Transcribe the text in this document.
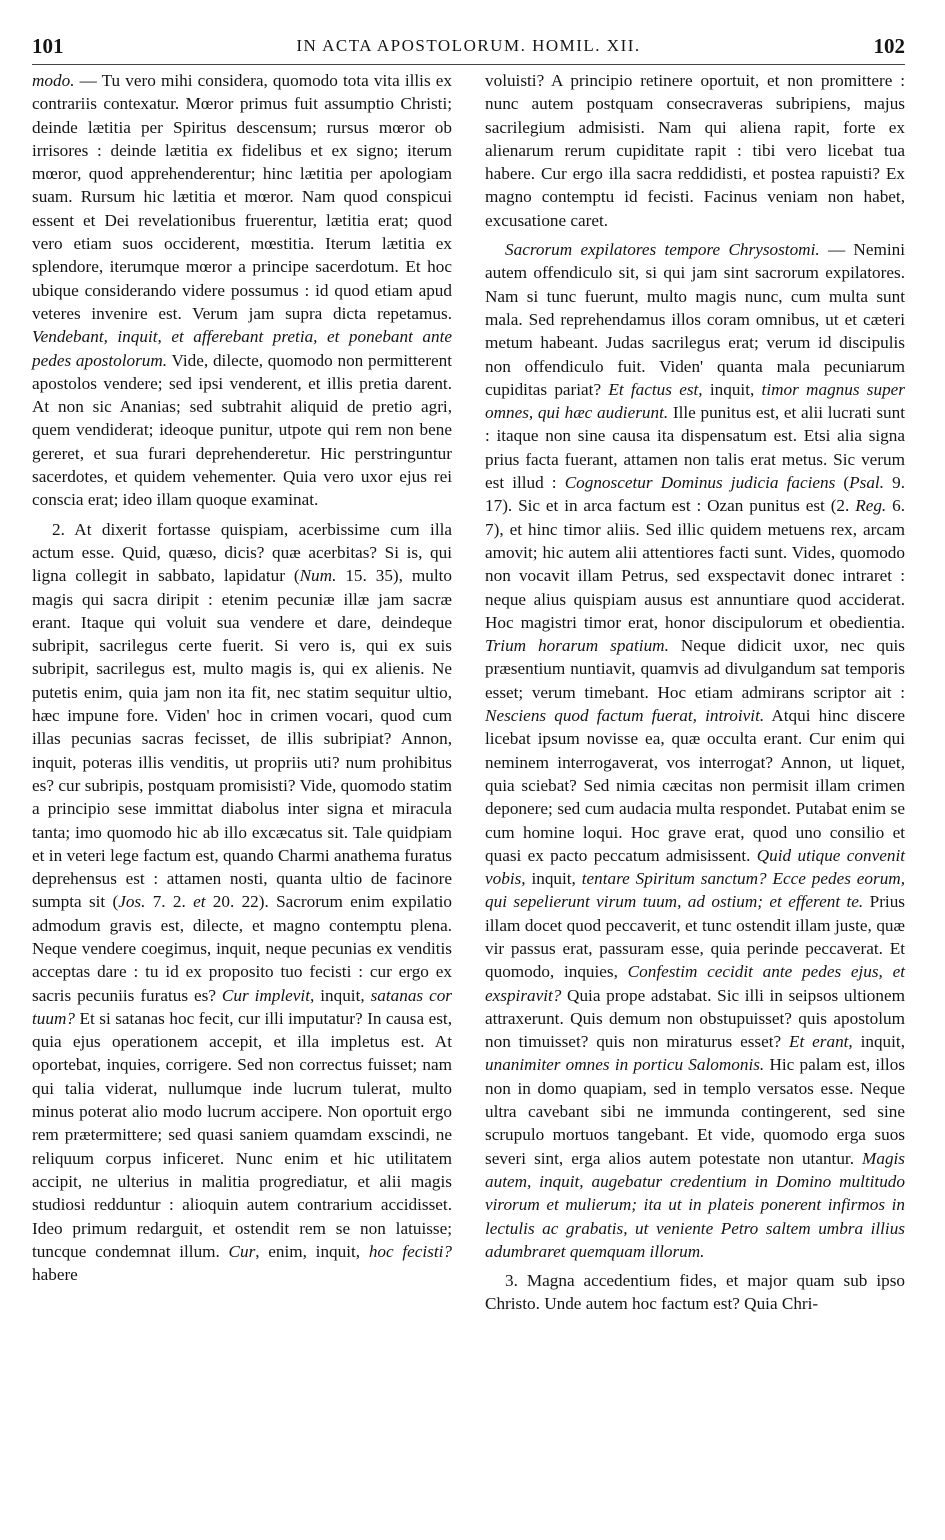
101	IN ACTA APOSTOLORUM. HOMIL. XII.	102

modo. — Tu vero mihi considera, quomodo tota vita illis ex contrariis contexatur. Mœror primus fuit assumptio Christi; deinde lætitia per Spiritus descensum; rursus mœror ob irrisores : deinde lætitia ex fidelibus et ex signo; iterum mœror, quod apprehenderentur; hinc lætitia per apologiam suam. Rursum hic lætitia et mœror. Nam quod conspicui essent et Dei revelationibus fruerentur, lætitia erat; quod vero etiam suos occiderent, mœstitia. Iterum lætitia ex splendore, iterumque mœror a principe sacerdotum. Et hoc ubique considerando videre possumus : id quod etiam apud veteres invenire est. Verum jam supra dicta repetamus. Vendebant, inquit, et afferebant pretia, et ponebant ante pedes apostolorum. Vide, dilecte, quomodo non permitterent apostolos vendere; sed ipsi venderent, et illis pretia darent. At non sic Ananias; sed subtrahit aliquid de pretio agri, quem vendiderat; ideoque punitur, utpote qui rem non bene gereret, et sua furari deprehenderetur. Hic perstringuntur sacerdotes, et quidem vehementer. Quia vero uxor ejus rei conscia erat; ideo illam quoque examinat.

2. At dixerit fortasse quispiam, acerbissime cum illa actum esse. Quid, quæso, dicis? quæ acerbitas? Si is, qui ligna collegit in sabbato, lapidatur (Num. 15. 35), multo magis qui sacra diripit : etenim pecuniæ illæ jam sacræ erant. Itaque qui voluit sua vendere et dare, deindeque subripit, sacrilegus certe fuerit. Si vero is, qui ex suis subripit, sacrilegus est, multo magis is, qui ex alienis. Ne putetis enim, quia jam non ita fit, nec statim sequitur ultio, hæc impune fore. Viden' hoc in crimen vocari, quod cum illas pecunias sacras fecisset, de illis subripiat? Annon, inquit, poteras illis venditis, ut propriis uti? num prohibitus es? cur subripis, postquam promisisti? Vide, quomodo statim a principio sese immittat diabolus inter signa et miracula tanta; imo quomodo hic ab illo excæcatus sit. Tale quidpiam et in veteri lege factum est, quando Charmi anathema furatus deprehensus est : attamen nosti, quanta ultio de facinore sumpta sit (Jos. 7. 2. et 20. 22). Sacrorum enim expilatio admodum gravis est, dilecte, et magno contemptu plena. Neque vendere coegimus, inquit, neque pecunias ex venditis acceptas dare : tu id ex proposito tuo fecisti : cur ergo ex sacris pecuniis furatus es? Cur implevit, inquit, satanas cor tuum? Et si satanas hoc fecit, cur illi imputatur? In causa est, quia ejus operationem accepit, et illa impletus est. At oportebat, inquies, corrigere. Sed non correctus fuisset; nam qui talia viderat, nullumque inde lucrum tulerat, multo minus poterat alio modo lucrum accipere. Non oportuit ergo rem prætermittere; sed quasi saniem quamdam exscindi, ne reliquum corpus inficeret. Nunc enim et hic utilitatem accipit, ne ulterius in malitia progrediatur, et alii magis studiosi redduntur : alioquin autem contrarium accidisset. Ideo primum redarguit, et ostendit rem se non latuisse; tuncque condemnat illum. Cur, enim, inquit, hoc fecisti? habere

voluisti? A principio retinere oportuit, et non promittere : nunc autem postquam consecraveras subripiens, majus sacrilegium admisisti. Nam qui aliena rapit, forte ex alienarum rerum cupiditate rapit : tibi vero licebat tua habere. Cur ergo illa sacra reddidisti, et postea rapuisti? Ex magno contemptu id fecisti. Facinus veniam non habet, excusatione caret.

Sacrorum expilatores tempore Chrysostomi. — Nemini autem offendiculo sit, si qui jam sint sacrorum expilatores. Nam si tunc fuerunt, multo magis nunc, cum multa sunt mala. Sed reprehendamus illos coram omnibus, ut et cæteri metum habeant. Judas sacrilegus erat; verum id discipulis non offendiculo fuit. Viden' quanta mala pecuniarum cupiditas pariat? Et factus est, inquit, timor magnus super omnes, qui hæc audierunt. Ille punitus est, et alii lucrati sunt : itaque non sine causa ita dispensatum est. Etsi alia signa prius facta fuerant, attamen non talis erat metus. Sic verum est illud : Cognoscetur Dominus judicia faciens (Psal. 9. 17). Sic et in arca factum est : Ozan punitus est (2. Reg. 6. 7), et hinc timor aliis. Sed illic quidem metuens rex, arcam amovit; hic autem alii attentiores facti sunt. Vides, quomodo non vocavit illam Petrus, sed exspectavit donec intraret : neque alius quispiam ausus est annuntiare quod acciderat. Hoc magistri timor erat, honor discipulorum et obedientia. Trium horarum spatium. Neque didicit uxor, nec quis præsentium nuntiavit, quamvis ad divulgandum sat temporis esset; verum timebant. Hoc etiam admirans scriptor ait : Nesciens quod factum fuerat, introivit. Atqui hinc discere licebat ipsum novisse ea, quæ occulta erant. Cur enim qui neminem interrogaverat, vos interrogat? Annon, ut liquet, quia sciebat? Sed nimia cæcitas non permisit illam crimen deponere; sed cum audacia multa respondet. Putabat enim se cum homine loqui. Hoc grave erat, quod uno consilio et quasi ex pacto peccatum admisissent. Quid utique convenit vobis, inquit, tentare Spiritum sanctum? Ecce pedes eorum, qui sepelierunt virum tuum, ad ostium; et efferent te. Prius illam docet quod peccaverit, et tunc ostendit illam juste, quæ vir passus erat, passuram esse, quia perinde peccaverat. Et quomodo, inquies, Confestim cecidit ante pedes ejus, et exspiravit? Quia prope adstabat. Sic illi in seipsos ultionem attraxerunt. Quis demum non obstupuisset? quis apostolum non timuisset? quis non miraturus esset? Et erant, inquit, unanimiter omnes in porticu Salomonis. Hic palam est, illos non in domo quapiam, sed in templo versatos esse. Neque ultra cavebant sibi ne immunda contingerent, sed sine scrupulo mortuos tangebant. Et vide, quomodo erga suos severi sint, erga alios autem potestate non utantur. Magis autem, inquit, augebatur credentium in Domino multitudo virorum et mulierum; ita ut in plateis ponerent infirmos in lectulis ac grabatis, ut veniente Petro saltem umbra illius adumbraret quemquam illorum.

3. Magna accedentium fides, et major quam sub ipso Christo. Unde autem hoc factum est? Quia Chri-
